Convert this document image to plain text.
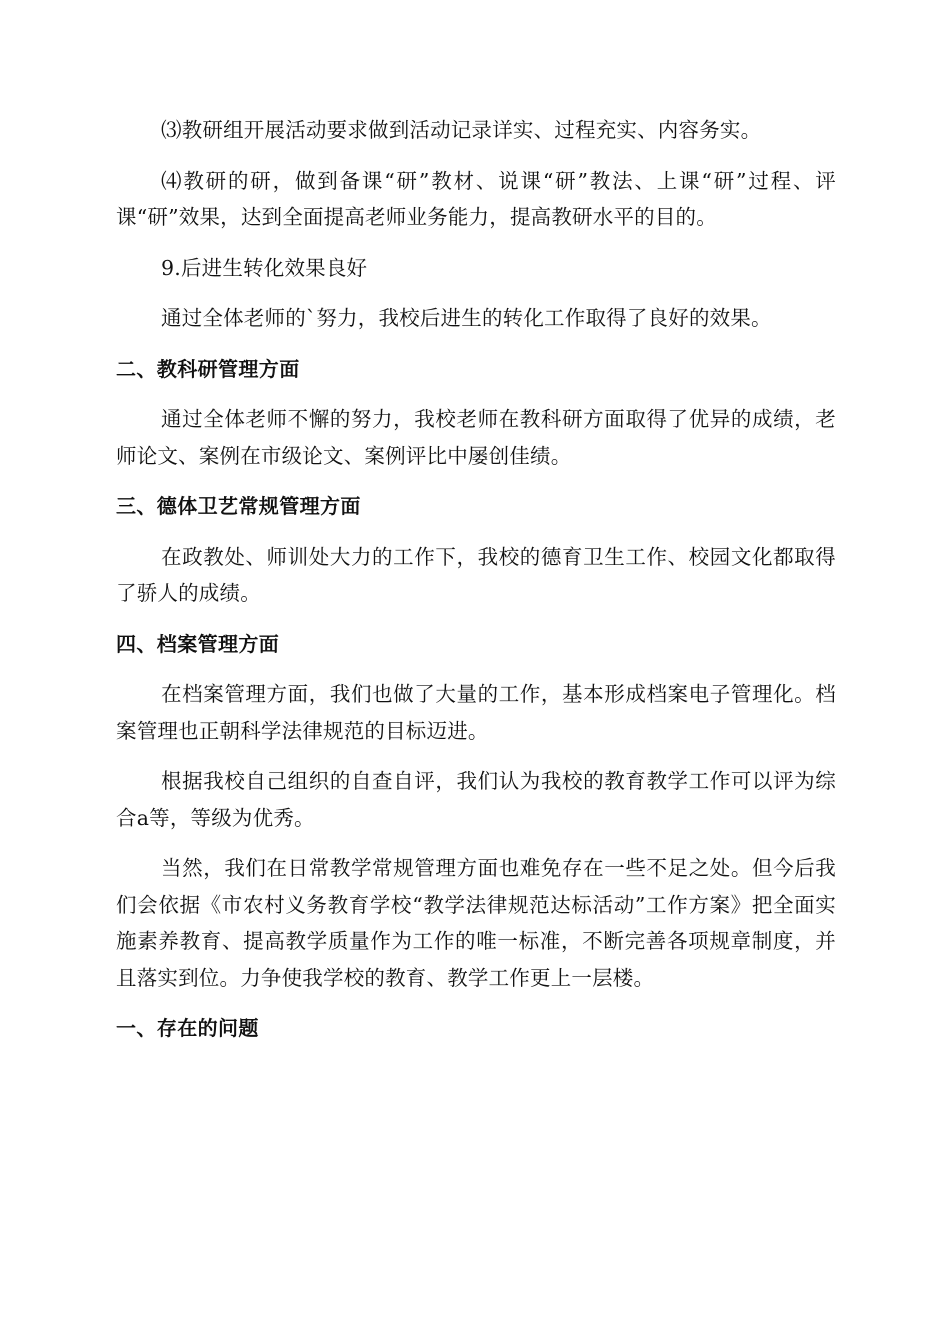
⑶教研组开展活动要求做到活动记录详实、过程充实、内容务实。

⑷教研的研，做到备课“研”教材、说课“研”教法、上课“研”过程、评课“研”效果，达到全面提高老师业务能力，提高教研水平的目的。

9.后进生转化效果良好

通过全体老师的`努力，我校后进生的转化工作取得了良好的效果。

二、教科研管理方面

通过全体老师不懈的努力，我校老师在教科研方面取得了优异的成绩，老师论文、案例在市级论文、案例评比中屡创佳绩。

三、德体卫艺常规管理方面

在政教处、师训处大力的工作下，我校的德育卫生工作、校园文化都取得了骄人的成绩。

四、档案管理方面

在档案管理方面，我们也做了大量的工作，基本形成档案电子管理化。档案管理也正朝科学法律规范的目标迈进。

根据我校自己组织的自查自评，我们认为我校的教育教学工作可以评为综合a等，等级为优秀。

当然，我们在日常教学常规管理方面也难免存在一些不足之处。但今后我们会依据《市农村义务教育学校“教学法律规范达标活动”工作方案》把全面实施素养教育、提高教学质量作为工作的唯一标准，不断完善各项规章制度，并且落实到位。力争使我学校的教育、教学工作更上一层楼。

一、存在的问题
